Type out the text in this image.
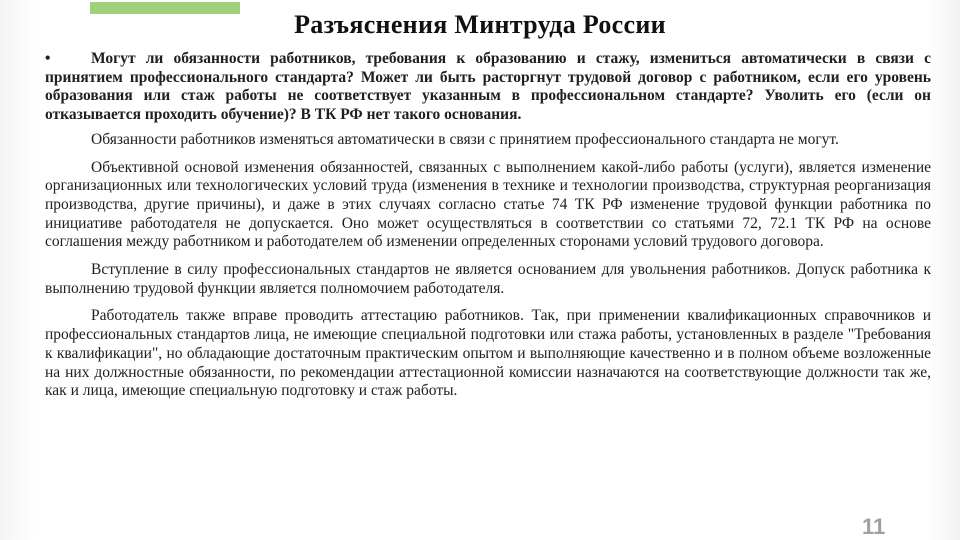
Разъяснения Минтруда России

•	Могут ли обязанности работников, требования к образованию и стажу, измениться автоматически в связи с принятием профессионального стандарта? Может ли быть расторгнут трудовой договор с работником, если его уровень образования или стаж работы не соответствует указанным в профессиональном стандарте? Уволить его (если он отказывается проходить обучение)? В ТК РФ нет такого основания.

Обязанности работников изменяться автоматически в связи с принятием профессионального стандарта не могут.

Объективной основой изменения обязанностей, связанных с выполнением какой-либо работы (услуги), является изменение организационных или технологических условий труда (изменения в технике и технологии производства, структурная реорганизация производства, другие причины), и даже в этих случаях согласно статье 74 ТК РФ изменение трудовой функции работника по инициативе работодателя не допускается. Оно может осуществляться в соответствии со статьями 72, 72.1 ТК РФ на основе соглашения между работником и работодателем об изменении определенных сторонами условий трудового договора.

Вступление в силу профессиональных стандартов не является основанием для увольнения работников. Допуск работника к выполнению трудовой функции является полномочием работодателя.

Работодатель также вправе проводить аттестацию работников. Так, при применении квалификационных справочников и профессиональных стандартов лица, не имеющие специальной подготовки или стажа работы, установленных в разделе "Требования к квалификации", но обладающие достаточным практическим опытом и выполняющие качественно и в полном объеме возложенные на них должностные обязанности, по рекомендации аттестационной комиссии назначаются на соответствующие должности так же, как и лица, имеющие специальную подготовку и стаж работы.

11
